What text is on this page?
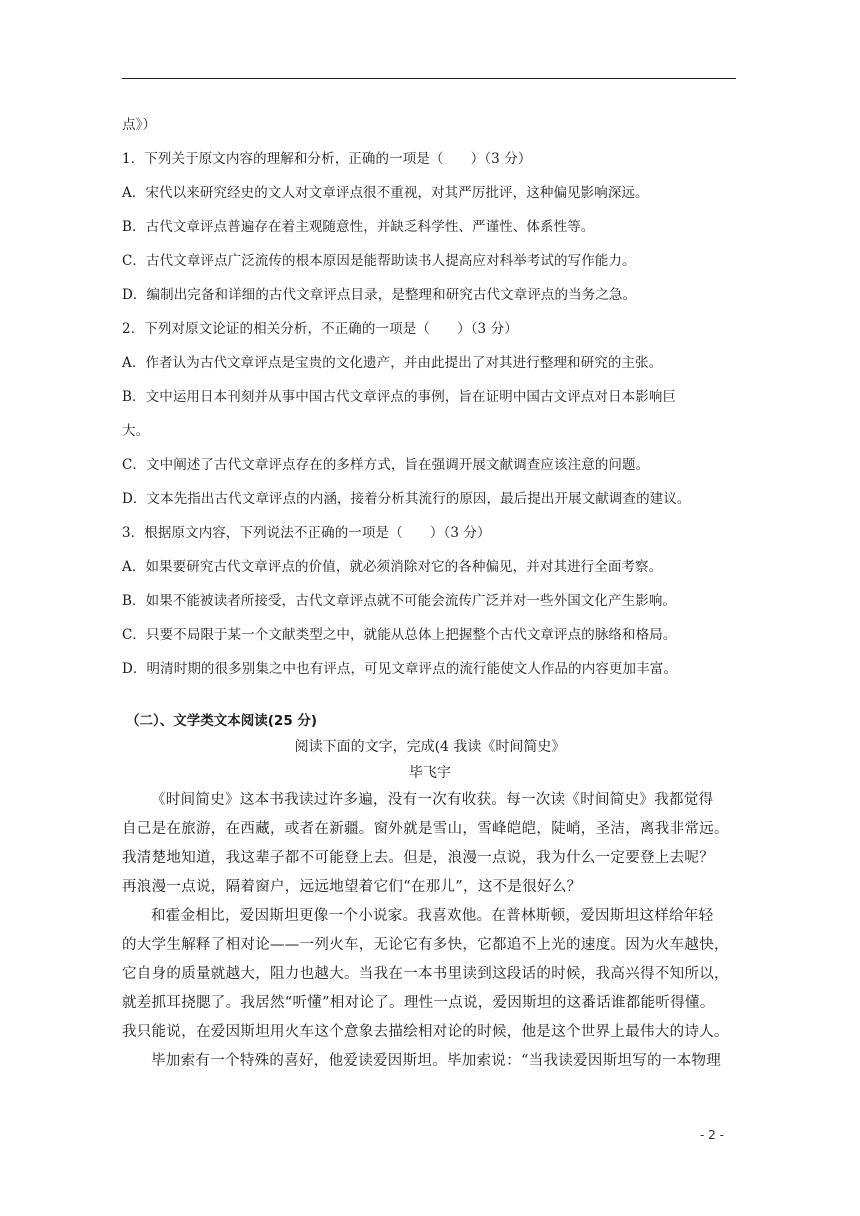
点》）
1．下列关于原文内容的理解和分析，正确的一项是（　　）（3 分）
A．宋代以来研究经史的文人对文章评点很不重视，对其严厉批评，这种偏见影响深远。
B．古代文章评点普遍存在着主观随意性，并缺乏科学性、严谨性、体系性等。
C．古代文章评点广泛流传的根本原因是能帮助读书人提高应对科举考试的写作能力。
D．编制出完备和详细的古代文章评点目录，是整理和研究古代文章评点的当务之急。
2．下列对原文论证的相关分析，不正确的一项是（　　）（3 分）
A．作者认为古代文章评点是宝贵的文化遗产，并由此提出了对其进行整理和研究的主张。
B．文中运用日本刊刻并从事中国古代文章评点的事例，旨在证明中国古文评点对日本影响巨
大。
C．文中阐述了古代文章评点存在的多样方式，旨在强调开展文献调查应该注意的问题。
D．文本先指出古代文章评点的内涵，接着分析其流行的原因，最后提出开展文献调查的建议。
3．根据原文内容，下列说法不正确的一项是（　　）（3 分）
A．如果要研究古代文章评点的价值，就必须消除对它的各种偏见，并对其进行全面考察。
B．如果不能被读者所接受，古代文章评点就不可能会流传广泛并对一些外国文化产生影响。
C．只要不局限于某一个文献类型之中，就能从总体上把握整个古代文章评点的脉络和格局。
D．明清时期的很多别集之中也有评点，可见文章评点的流行能使文人作品的内容更加丰富。
（二）、文学类文本阅读(25 分)
阅读下面的文字，完成(4 我读《时间简史》
毕飞宇
《时间简史》这本书我读过许多遍，没有一次有收获。每一次读《时间简史》我都觉得
自己是在旅游，在西藏，或者在新疆。窗外就是雪山，雪峰皑皑，陡峭，圣洁，离我非常远。
我清楚地知道，我这辈子都不可能登上去。但是，浪漫一点说，我为什么一定要登上去呢？
再浪漫一点说，隔着窗户，远远地望着它们“在那儿”，这不是很好么？
和霍金相比，爱因斯坦更像一个小说家。我喜欢他。在普林斯顿，爱因斯坦这样给年轻
的大学生解释了相对论——一列火车，无论它有多快，它都追不上光的速度。因为火车越快，
它自身的质量就越大，阻力也越大。当我在一本书里读到这段话的时候，我高兴得不知所以，
就差抓耳挠腮了。我居然“听懂”相对论了。理性一点说，爱因斯坦的这番话谁都能听得懂。
我只能说，在爱因斯坦用火车这个意象去描绘相对论的时候，他是这个世界上最伟大的诗人。
毕加索有一个特殊的喜好，他爱读爱因斯坦。毕加索说：“当我读爱因斯坦写的一本物理
- 2 -
